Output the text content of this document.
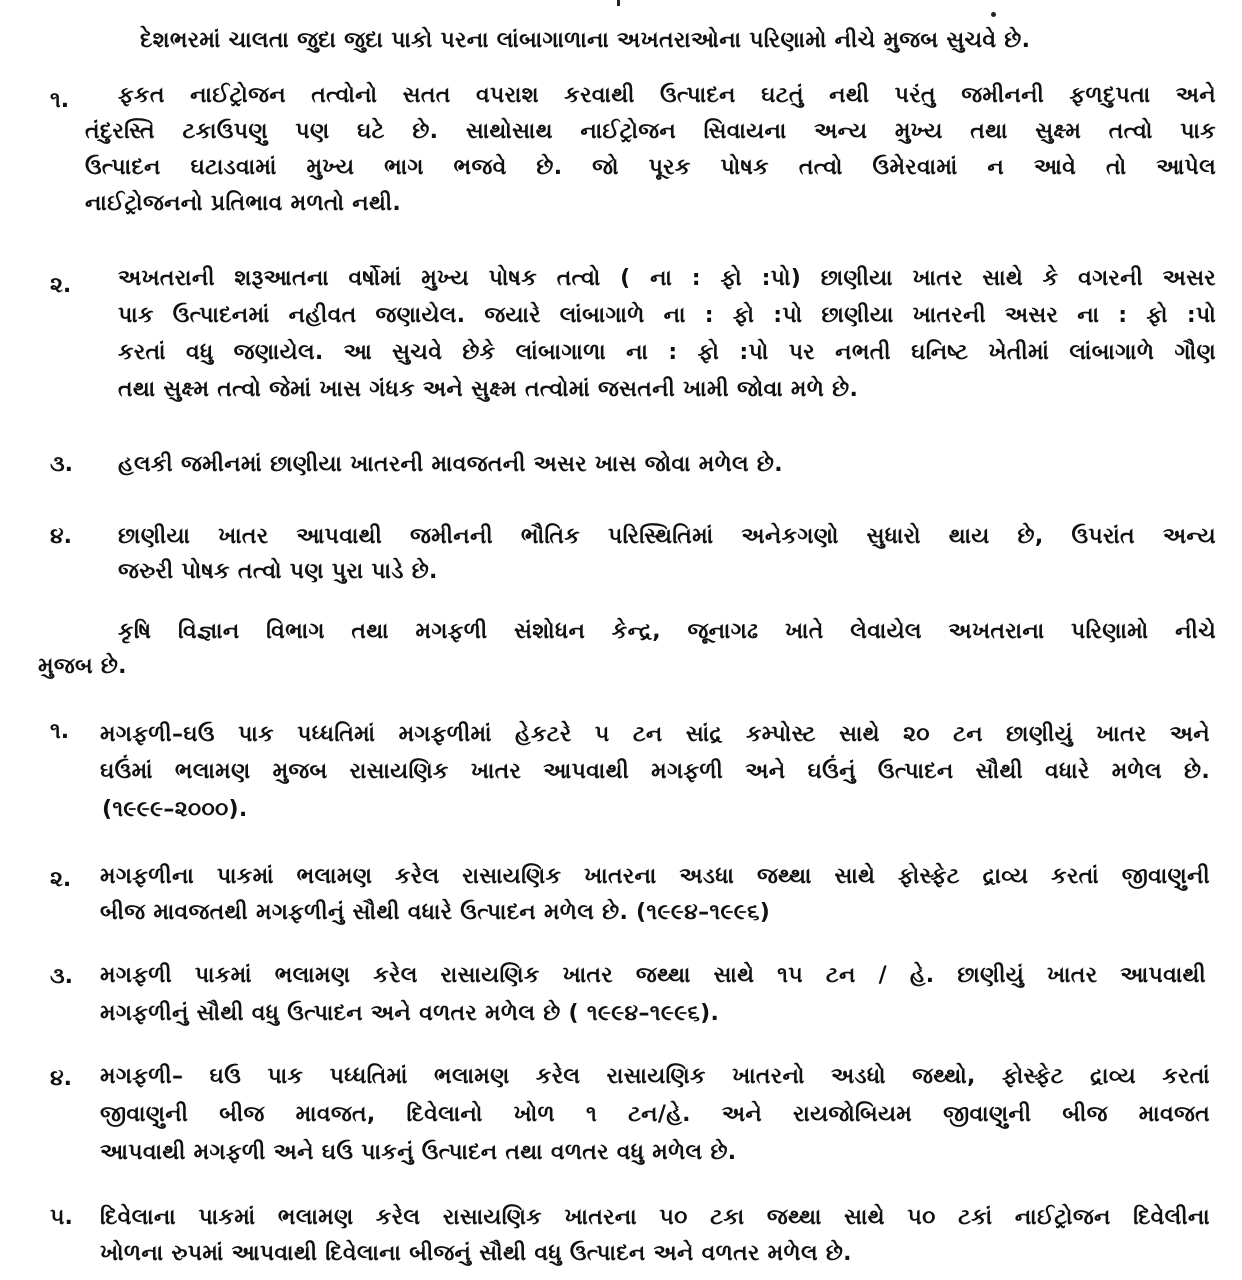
દેશભરમાં ચાલતા જુદા જુદા પાકો પરના લાંબાગાળાના અખતરાઓના પરિણામો નીચે મુજબ સુચવે છે.
૧. ફકત નાઈટ્રોજન તત્વોનો સતત વપરાશ કરવાથી ઉત્પાદન ઘટતું નથી પરંતુ જમીનની ફળદુપતા અને
તંદુરસ્તિ ટકાઉપણુ પણ ઘટે છે. સાથોસાથ નાઈટ્રોજન સિવાયના અન્ય મુખ્ય તથા સુક્ષ્મ તત્વો પાક
ઉત્પાદન ઘટાડવામાં મુખ્ય ભાગ ભજવે છે. જો પૂરક પોષક તત્વો ઉમેરવામાં ન આવે તો આપેલ
નાઈટ્રોજનનો પ્રતિભાવ મળતો નથી.
૨. અખતરાની શરૂઆતના વર્ષોમાં મુખ્ય પોષક તત્વો ( ના : ફો :પો) છાણીયા ખાતર સાથે કે વગરની અસર
પાક ઉત્પાદનમાં નહીવત જણાયેલ. જયારે લાંબાગાળે ના : ફો :પો છાણીયા ખાતરની અસર ના : ફો :પો
કરતાં વધુ જણાયેલ. આ સુચવે છેકે લાંબાગાળા ના : ફો :પો પર નભતી ઘનિષ્ટ ખેતીમાં લાંબાગાળે ગૌણ
તથા સુક્ષ્મ તત્વો જેમાં ખાસ ગંધક અને સુક્ષ્મ તત્વોમાં જસતની ખામી જોવા મળે છે.
૩. હલકી જમીનમાં છાણીયા ખાતરની માવજતની અસર ખાસ જોવા મળેલ છે.
૪. છાણીયા ખાતર આપવાથી જમીનની ભૌતિક પરિસ્થિતિમાં અનેકગણો સુધારો થાય છે, ઉપરાંત અન્ય
જરુરી પોષક તત્વો પણ પુરા પાડે છે.
કૃષિ વિજ્ઞાન વિભાગ તથા મગફળી સંશોધન કેન્દ્ર, જૂનાગઢ ખાતે લેવાયેલ અખતરાના પરિણામો નીચે
મુજબ છે.
૧. મગફળી–ઘઉ પાક પધ્ધતિમાં મગફળીમાં હેકટરે ૫ ટન સાંદ્ર કમ્પોસ્ટ સાથે ૨૦ ટન છાણીયું ખાતર અને
ઘઉંમાં ભલામણ મુજબ રાસાયણિક ખાતર આપવાથી મગફળી અને ઘઉંનું ઉત્પાદન સૌથી વધારે મળેલ છે.
(૧૯૯૯–૨૦૦૦).
૨. મગફળીના પાકમાં ભલામણ કરેલ રાસાયણિક ખાતરના અડધા જથ્થા સાથે ફોસ્ફેટ દ્રાવ્ય કરતાં જીવાણુની
બીજ માવજતથી મગફળીનું સૌથી વધારે ઉત્પાદન મળેલ છે. (૧૯૯૪–૧૯૯૬)
૩. મગફળી પાકમાં ભલામણ કરેલ રાસાયણિક ખાતર જથ્થા સાથે ૧૫ ટન / હે. છાણીયું ખાતર આપવાથી
મગફળીનું સૌથી વધુ ઉત્પાદન અને વળતર મળેલ છે ( ૧૯૯૪–૧૯૯૬).
૪. મગફળી– ઘઉ પાક પધ્ધતિમાં ભલામણ કરેલ રાસાયણિક ખાતરનો અડધો જથ્થો, ફોસ્ફેટ દ્રાવ્ય કરતાં
જીવાણુની બીજ માવજત, દિવેલાનો ખોળ ૧ ટન/હે. અને રાયજોબિયમ જીવાણુની બીજ માવજત
આપવાથી મગફળી અને ઘઉ પાકનું ઉત્પાદન તથા વળતર વધુ મળેલ છે.
૫. દિવેલાના પાકમાં ભલામણ કરેલ રાસાયણિક ખાતરના ૫૦ ટકા જથ્થા સાથે ૫૦ ટકાં નાઈટ્રોજન દિવેલીના
ખોળના રુપમાં આપવાથી દિવેલાના બીજનું સૌથી વધુ ઉત્પાદન અને વળતર મળેલ છે.
